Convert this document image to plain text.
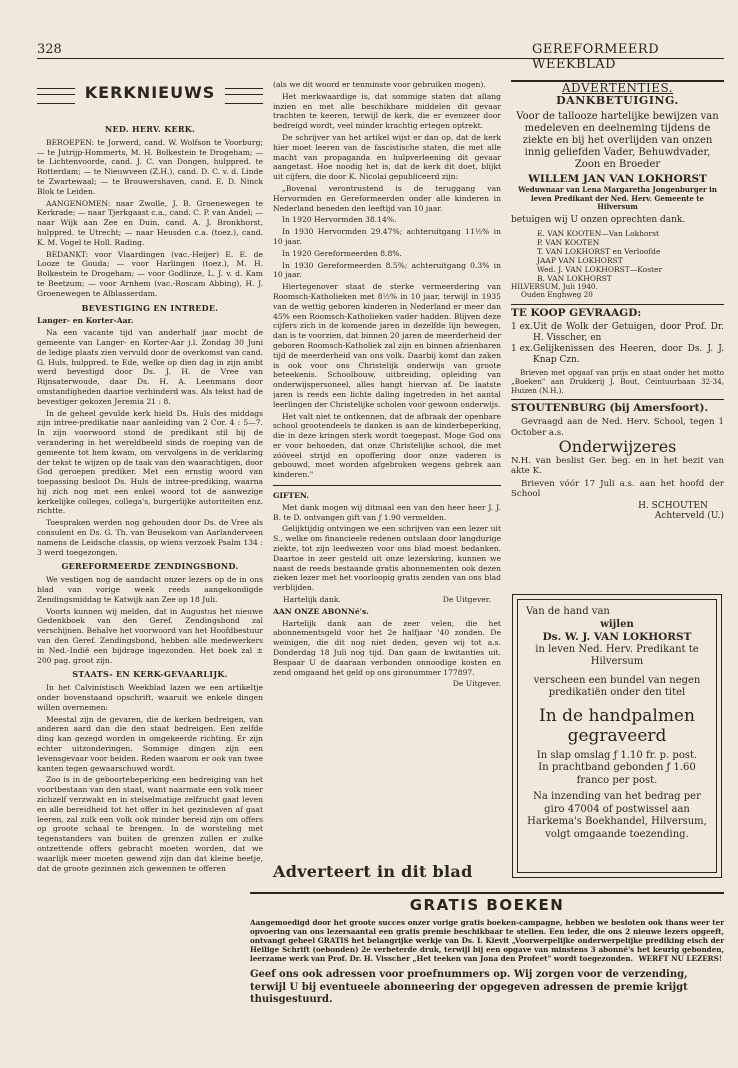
328	GEREFORMEERD WEEKBLAD
KERKNIEUWS
NED. HERV. KERK.

BEROEPEN: te Jorwerd, cand. W. Wolfson te Voorburg; — te Jutrijp-Hommerts, M. H. Bolkestein te Drogeham; — te Lichtenvoorde, cand. J. C. van Dongen, hulppred. te Rotterdam; — te Nieuwveen (Z.H.), cand. D. C. v. d. Linde te Zwartewaal; — te Brouwershaven, cand. E. D. Ninck Blok te Leiden.

AANGENOMEN: naar Zwolle, J. B. Groenewegen te Kerkrade; — naar Tjerkgaast c.a., cand. C. P. van Andel; — naar Wijk aan Zee en Duin, cand. A. J. Bronkhorst, hulppred. te Utrecht; — naar Heusden c.a. (toez.), cand. K. M. Vogel te Holl. Rading.

BEDANKT: voor Vlaardingen (vac.-Heijer) E. E. de Looze te Gouda; — voor Harlingen (toez.), M. H. Bolkestein te Drogeham; — voor Godlinze, L. J. v. d. Kam te Beetzum; — voor Arnhem (vac.-Roscam Abbing), H. J. Groenewegen te Alblasserdam.

BEVESTIGING EN INTREDE.
Langer- en Korter-Aar.

Na een vacante tijd van anderhalf jaar mocht de gemeente van Langer- en Korter-Aar j.l. Zondag 30 Juni de ledige plaats zien vervuld door de overkomst van cand. G. Huls, hulppred. te Ede, welke op dien dag in zijn ambt werd bevestigd door Ds. J. H. de Vree van Rijnsaterwoude, daar Ds. H. A. Leenmans door omstandigheden daartoe verhinderd was. Als tekst had de bevestiger gekozen Jeremia 21 : 8.

In de geheel gevulde kerk hield Ds. Huls des middags zijn intree-predikatie naar aanleiding van 2 Cor. 4 : 5—7. In zijn voorwoord stond de predikant stil bij de verandering in het wereldbeeld sinds de roeping van de gemeente tot hem kwam, om vervolgens in de verklaring der tekst te wijzen op de taak van den waarachtigen, door God geroepen prediker. Met een ernstig woord van toepassing besloot Ds. Huls de intree-prediking, waarna hij zich nog met een enkel woord tot de aanwezige kerkelijke colleges, collega's, burgerlijke autoriteiten enz. richtte.

Toespraken werden nog gehouden door Ds. de Vree als consulent en Ds. G. Th. van Beusekom van Aarlanderveen namens de Leidsche classis, op wiens verzoek Psalm 134 : 3 werd toegezongen.

GEREFORMEERDE ZENDINGSBOND.

We vestigen nog de aandacht onzer lezers op de in ons blad van vorige week reeds aangekondigde Zendingsmiddag te Katwijk aan Zee op 18 Juli.

Voorts kunnen wij melden, dat in Augustus het nieuwe Gedenkboek van den Geref. Zendingsbond zal verschijnen. Behalve het voorwoord van het Hoofdbestuur van den Geref. Zendingsbond, hebben alle medewerkers in Ned.-Indië een bijdrage ingezonden. Het boek zal ± 200 pag. groot zijn.

STAATS- EN KERK-GEVAARLIJK.

In het Calvinistisch Weekblad lazen we een artikeltje onder bovenstaand opschrift, waaruit we enkele dingen willen overnemen:

Meestal zijn de gevaren, die de kerken bedreigen, van anderen aard dan die den staat bedreigen. Een zelfde ding kan gezegd worden in omgekeerde richting. Er zijn echter uitzonderingen. Sommige dingen zijn een levensgevaar voor beiden. Reden waarom er ook van twee kanten tegen gewaarschuwd wordt.

Zoo is in de geboortebeperking een bedreiging van het voortbestaan van den staat, want naarmate een volk meer zichzelf verzwakt en in stelselmatige zelfzucht gaat leven en alle bereidheid tot het offer in het gezinsleven af gaat leeren, zal zulk een volk ook minder bereid zijn om offers op groote schaal te brengen. In de worsteling met tegenstanders van buiten de grenzen zullen er zulke ontzettende offers gebracht moeten worden, dat we waarlijk meer moeten gewend zijn dan dat kleine beetje, dat de groote gezinnen zich gewennen te offeren

(als we dit woord er tenminste voor gebruiken mogen).

Het merkwaardige is, dat sommige staten dat allang inzien en met alle beschikbare middelen dit gevaar trachten te keeren, terwijl de kerk, die er evenzeer door bedreigd wordt, veel minder krachtig ertegen optrekt.

De schrijver van het artikel wijst er dan op, dat de kerk hier moet leeren van de fascistische staten, die met alle macht van propaganda en hulpverleening dit gevaar aangetast. Hoe noodig het is, dat de kerk dit doet, blijkt uit cijfers, die door K. Nicolai gepubliceerd zijn:

„Bovenal verontrustend is de teruggang van Hervormden en Gereformeerden onder alle kinderen in Nederland beneden den leeftijd van 10 jaar.

In 1920 Hervormden 38.14%.

In 1930 Hervormden 29.47%; achteruitgang 11½% in 10 jaar.

In 1920 Gereformeerden 8.8%.

In 1930 Gereformeerden 8.5%; achteruitgang 0.3% in 10 jaar.

Hiertegenover staat de sterke vermeerdering van Roomsch-Katholieken met 8½% in 10 jaar, terwijl in 1935 van de wettig geboren kinderen in Nederland er meer dan 45% een Roomsch-Katholieken vader hadden. Blijven deze cijfers zich in de komende jaren in dezelfde lijn bewegen, dan is te voorzien, dat binnen 20 jaren de meerderheid der geboren Roomsch-Katholiek zal zijn en binnen afzienbaren tijd de meerderheid van ons volk. Daarbij komt dan zaken is ook voor ons Christelijk onderwijs van groote beteekenis. Schoolbouw, uitbreiding, opleiding van onderwijspersoneel, alles hangt hiervan af. De laatste jaren is reeds een lichte daling ingetreden in het aantal leerlingen der Christelijke scholen voor gewoon onderwijs.

Het valt niet te ontkennen, dat de afbraak der openbare school grootendeels te danken is aan de kinderbeperking, die in deze kringen sterk wordt toegepast. Moge God ons er voor behoeden, dat onze Christelijke school, die met zóóveel strijd en opoffering door onze vaderen is gebouwd, moet worden afgebroken wegens gebrek aan kinderen."

GIFTEN.

Met dank mogen wij ditmaal een van den heer heer J. J. B. te D. ontvangen gift van ƒ 1.90 vermelden.

Gelijktijdig ontvingen we een schrijven van een lezer uit S., welke om financieele redenen ontslaan door langdurige ziekte, tot zijn leedwezen voor ons blad moest bedanken. Daartoe in zeer gesteld uit onze lezerskring, kunnen we naast de reeds bestaande gratis abonnementen ook dezen zieken lezer met het voorloopig gratis zenden van ons blad verblijden.

Hartelijk dank.	De Uitgever.

AAN ONZE ABONNé's.

Hartelijk dank aan de zeer velen, die het abonnementsgeld voor het 2e halfjaar '40 zonden. De weinigen, die dit nog niet deden, geven wij tot a.s. Donderdag 18 Juli nog tijd. Dan gaan de kwitanties uit. Bespaar U de daaraan verbonden onnoodige kosten en zend omgaand het geld op ons gironummer 177897.

De Uitgever.

Adverteert in dit blad
ADVERTENTIES.
DANKBETUIGING.

Voor de tallooze hartelijke bewijzen van medeleven en deelneming tijdens de ziekte en bij het overlijden van onzen innig geliefden Vader, Behuwdvader, Zoon en Broeder

WILLEM JAN VAN LOKHORST

Weduwnaar van Lena Margaretha Jongenburger in leven Predikant der Ned. Herv. Gemeente te Hilversum

betuigen wij U onzen oprechten dank.

E. VAN KOOTEN—Van Lokhorst
P. VAN KOOTEN
T. VAN LOKHORST en Verloofde
JAAP VAN LOKHORST
Wed. J. VAN LOKHORST—Koster
B. VAN LOKHORST
HILVERSUM, Juli 1940.
Ouden Enghweg 20
TE KOOP GEVRAAGD:
1 ex. Uit de Wolk der Getuigen, door Prof. Dr. H. Visscher, en
1 ex. Gelijkenissen des Heeren, door Ds. J. J. Knap Czn.

Brieven met opgaaf van prijs en staat onder het motto „Boeken" aan Drukkerij J. Bout, Ceintuurbaan 32-34, Huizen (N.H.).

STOUTENBURG (bij Amersfoort).

Gevraagd aan de Ned. Herv. School, tegen 1 October a.s.

Onderwijzeres

N.H. van beslist Ger. beg. en in het bezit van akte K.

Brieven vóór 17 Juli a.s. aan het hoofd der School

H. SCHOUTEN
Achterveld (U.)
Van de hand van
wijlen
Ds. W. J. VAN LOKHORST
in leven Ned. Herv. Predikant te Hilversum
verscheen een bundel van negen predikatiën onder den titel
In de handpalmen gegraveerd
In slap omslag ƒ 1.10 fr. p. post.
In prachtband gebonden ƒ 1.60 franco per post.
Na inzending van het bedrag per giro 47004 of postwissel aan Harkema's Boekhandel, Hilversum, volgt omgaande toezending.
GRATIS BOEKEN
Aangemoedigd door het groote succes onzer vorige gratis boeken-campagne, hebben we besloten ook thans weer ter opvoering van ons lezersaantal een gratis premie beschikbaar te stellen. Een ieder, die ons 2 nieuwe lezers opgeeft, ontvangt geheel GRATIS het belangrijke werkje van Ds. I. Kievit „Voorwerpelijke onderwerpelijke prediking eisch der Heilige Schrift (oebonden) 2e verbeterde druk, terwijl bij een opgave van minstens 3 abonné's het keurig gebonden, leerzame werk van Prof. Dr. H. Visscher „Het teeken van Jona den Profeet" wordt toegezonden. WERFT NU LEZERS!
Geef ons ook adressen voor proefnummers op. Wij zorgen voor de verzending, terwijl U bij eventueele abonneering der opgegeven adressen de premie krijgt thuisgestuurd.
